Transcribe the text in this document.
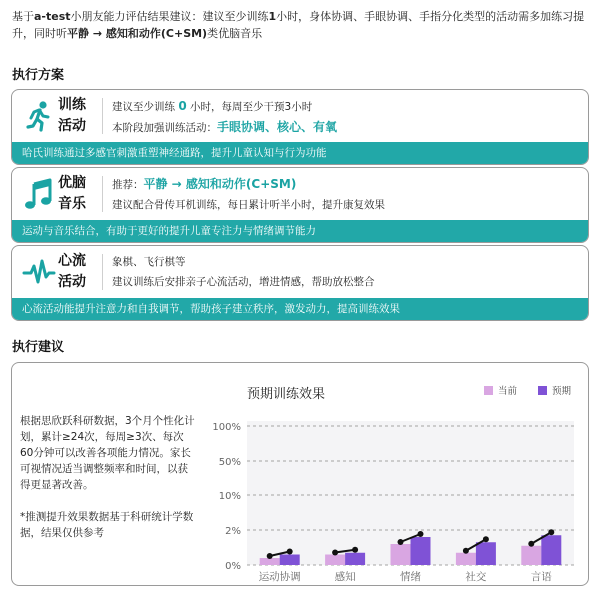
基于a-test小朋友能力评估结果建议：建议至少训练1小时，身体协调、手眼协调、手指分化类型的活动需多加练习提升，同时听平静 → 感知和动作(C+SM)类优脑音乐
执行方案
训练活动
建议至少训练 0 小时，每周至少干预3小时
本阶段加强训练活动：手眼协调、核心、有氧
哈氏训练通过多感官刺激重塑神经通路，提升儿童认知与行为功能
优脑音乐
推荐：平静 → 感知和动作(C+SM)
建议配合骨传耳机训练，每日累计听半小时，提升康复效果
运动与音乐结合，有助于更好的提升儿童专注力与情绪调节能力
心流活动
象棋、飞行棋等
建议训练后安排亲子心流活动，增进情感，帮助放松整合
心流活动能提升注意力和自我调节，帮助孩子建立秩序，激发动力，提高训练效果
执行建议

根据思欣跃科研数据，3个月个性化计划，累计≥24次，每周≥3次、每次60分钟可以改善各项能力情况。家长可视情况适当调整频率和时间，以获得更显著改善。

*推测提升效果数据基于科研统计学数据，结果仅供参考

预期训练效果	当前	预期
0%
2%
10%
50%
100%
运动协调	感知	情绪	社交	言语
